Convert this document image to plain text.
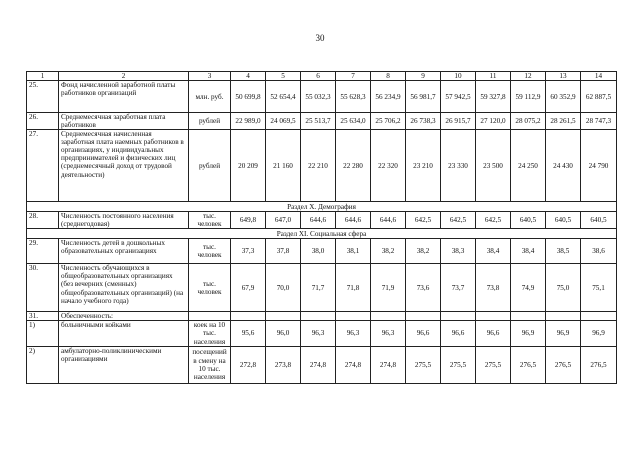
30
1	2	3	4	5	6	7	8	9	10	11	12	13	14
25.	Фонд начисленной заработной платы работников организаций	млн. руб.	50 699,8	52 654,4	55 032,3	55 628,3	56 234,9	56 981,7	57 942,5	59 327,8	59 112,9	60 352,9	62 887,5
26.	Среднемесячная заработная плата работников	рублей	22 989,0	24 069,5	25 513,7	25 634,0	25 706,2	26 738,3	26 915,7	27 120,0	28 075,2	28 261,5	28 747,3
27.	Среднемесячная начисленная заработная плата наемных работников в организациях, у индивидуальных предпринимателей и физических лиц (среднемесячный доход от трудовой деятельности)	рублей	20 209	21 160	22 210	22 280	22 320	23 210	23 330	23 500	24 250	24 430	24 790
Раздел X. Демография													
28.	Численность постоянного населения (среднегодовая)	тыс. человек	649,8	647,0	644,6	644,6	644,6	642,5	642,5	642,5	640,5	640,5	640,5
Раздел XI. Социальная сфера													
29.	Численность детей в дошкольных образовательных организациях	тыс. человек	37,3	37,8	38,0	38,1	38,2	38,2	38,3	38,4	38,4	38,5	38,6
30.	Численность обучающихся в общеобразовательных организациях (без вечерних (сменных) общеобразовательных организаций) (на начало учебного года)	тыс. человек	67,9	70,0	71,7	71,8	71,9	73,6	73,7	73,8	74,9	75,0	75,1
31.	Обеспеченность:												
1)	больничными койками	коек на 10 тыс. населения	95,6	96,0	96,3	96,3	96,3	96,6	96,6	96,6	96,9	96,9	96,9
2)	амбулаторно-поликлиническими организациями	посещений в смену на 10 тыс. населения	272,8	273,8	274,8	274,8	274,8	275,5	275,5	275,5	276,5	276,5	276,5
